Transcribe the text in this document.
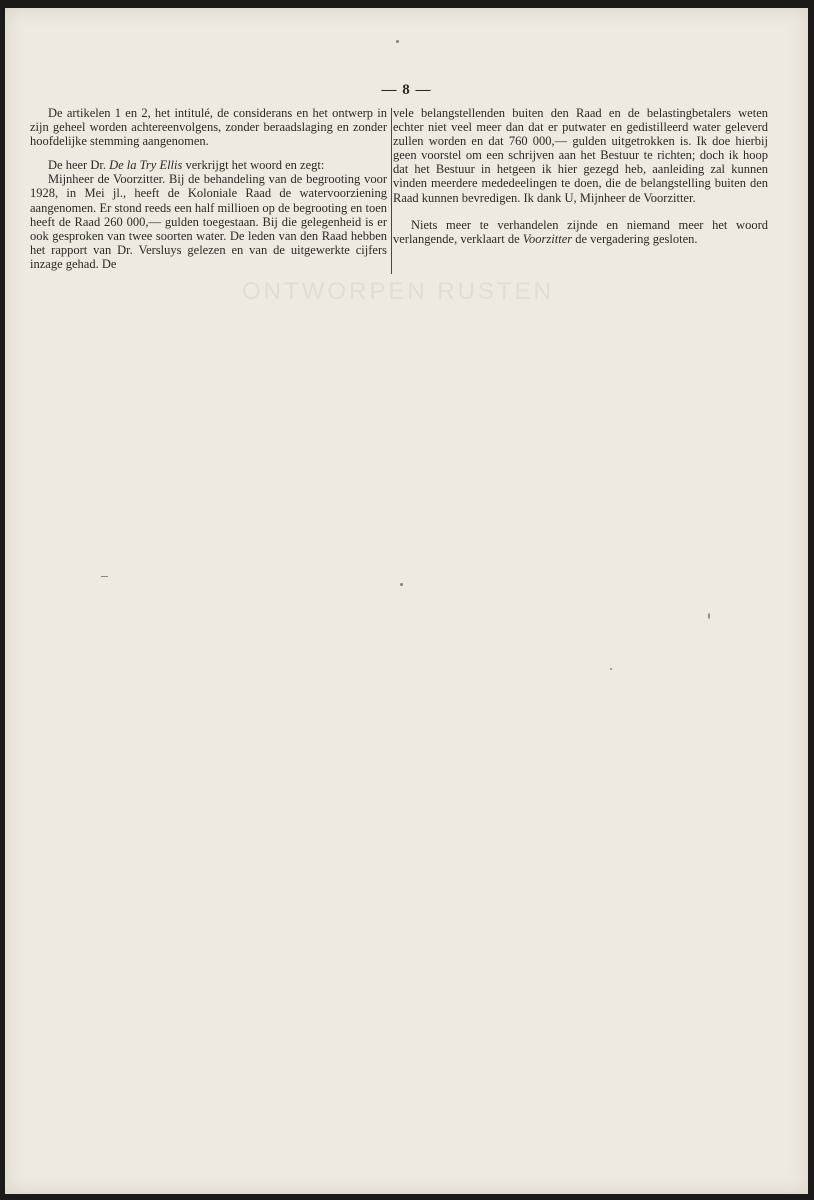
ONTWORPEN RUSTEN
— 8 —

De artikelen 1 en 2, het intitulé, de considerans en het ontwerp in zijn geheel worden achtereenvolgens, zonder beraadslaging en zonder hoofdelijke stemming aangenomen.

De heer Dr. De la Try Ellis verkrijgt het woord en zegt:

Mijnheer de Voorzitter. Bij de behandeling van de begrooting voor 1928, in Mei jl., heeft de Koloniale Raad de watervoorziening aangenomen. Er stond reeds een half millioen op de begrooting en toen heeft de Raad 260 000,— gulden toegestaan. Bij die gelegenheid is er ook gesproken van twee soorten water. De leden van den Raad hebben het rapport van Dr. Versluys gelezen en van de uitgewerkte cijfers inzage gehad. De

vele belangstellenden buiten den Raad en de belastingbetalers weten echter niet veel meer dan dat er putwater en gedistilleerd water geleverd zullen worden en dat 760 000,— gulden uitgetrokken is. Ik doe hierbij geen voorstel om een schrijven aan het Bestuur te richten; doch ik hoop dat het Bestuur in hetgeen ik hier gezegd heb, aanleiding zal kunnen vinden meerdere mededeelingen te doen, die de belangstelling buiten den Raad kunnen bevredigen. Ik dank U, Mijnheer de Voorzitter.

Niets meer te verhandelen zijnde en niemand meer het woord verlangende, verklaart de Voorzitter de vergadering gesloten.
